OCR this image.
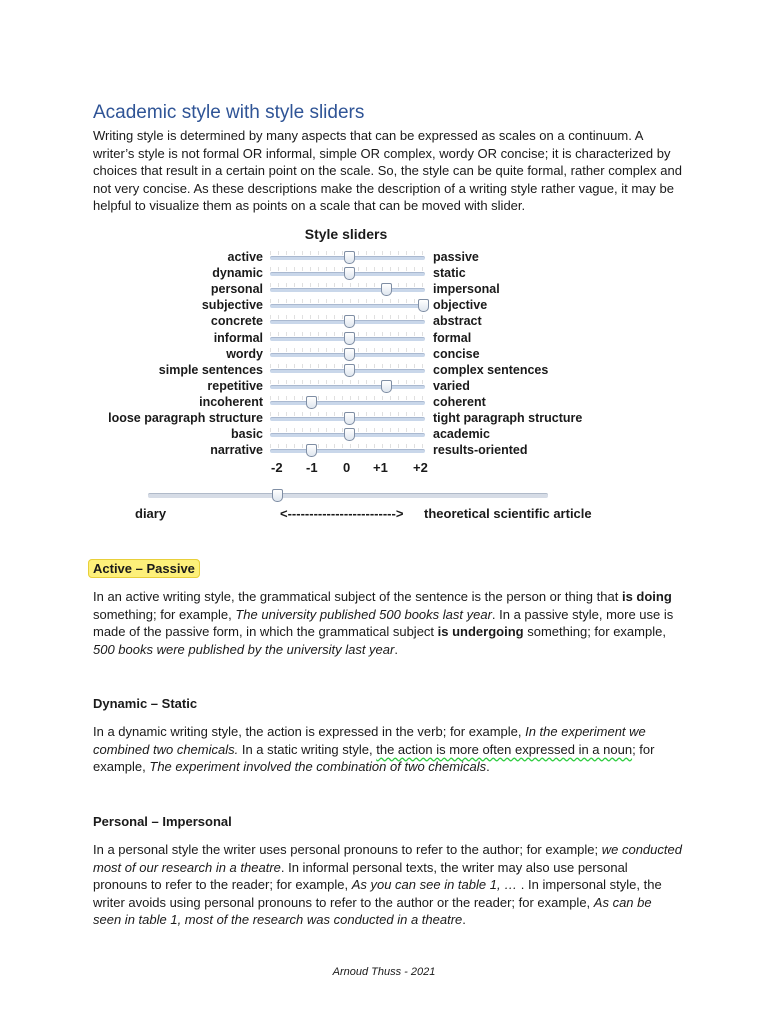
Academic style with style sliders

Writing style is determined by many aspects that can be expressed as scales on a continuum. A writer’s style is not formal OR informal, simple OR complex, wordy OR concise; it is characterized by choices that result in a certain point on the scale. So, the style can be quite formal, rather complex and not very concise. As these descriptions make the description of a writing style rather vague, it may be helpful to visualize them as points on a scale that can be moved with slider.

Style sliders
active	passive
dynamic	static
personal	impersonal
subjective	objective
concrete	abstract
informal	formal
wordy	concise
simple sentences	complex sentences
repetitive	varied
incoherent	coherent
loose paragraph structure	tight paragraph structure
basic	academic
narrative	results-oriented
-2 -1 0 +1 +2
diary	<-------------------------> theoretical scientific article
Active – Passive

In an active writing style, the grammatical subject of the sentence is the person or thing that is doing something; for example, The university published 500 books last year. In a passive style, more use is made of the passive form, in which the grammatical subject is undergoing something; for example, 500 books were published by the university last year.

Dynamic – Static

In a dynamic writing style, the action is expressed in the verb; for example, In the experiment we combined two chemicals. In a static writing style, the action is more often expressed in a noun; for example, The experiment involved the combination of two chemicals.

Personal – Impersonal

In a personal style the writer uses personal pronouns to refer to the author; for example; we conducted most of our research in a theatre. In informal personal texts, the writer may also use personal pronouns to refer to the reader; for example, As you can see in table 1, … . In impersonal style, the writer avoids using personal pronouns to refer to the author or the reader; for example, As can be seen in table 1, most of the research was conducted in a theatre.

Arnoud Thuss - 2021
